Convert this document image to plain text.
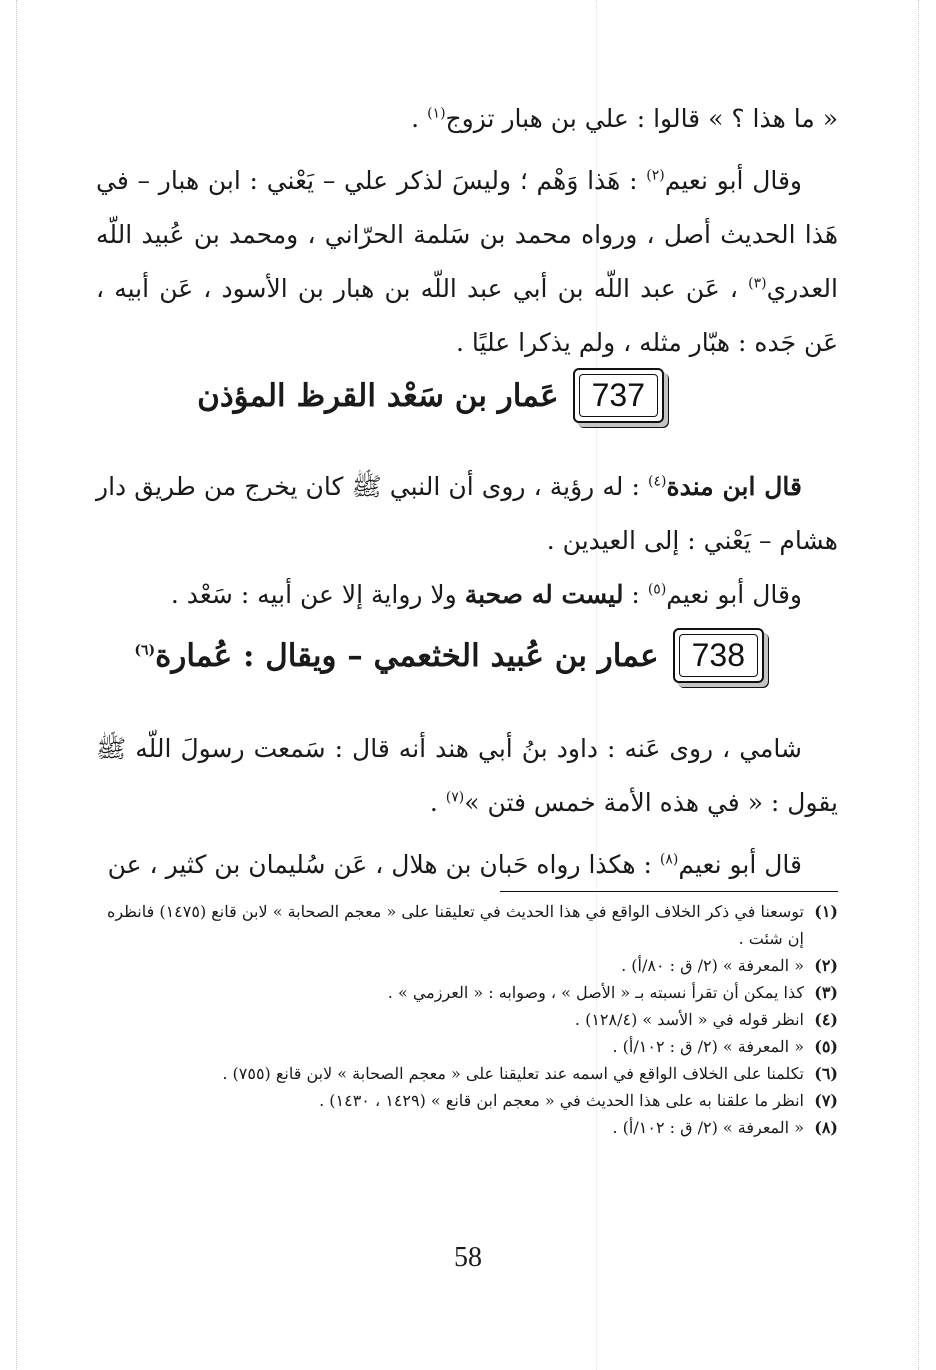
« ما هذا ؟ » قالوا : علي بن هبار تزوج$^{(١)}$ .

وقال أبو نعيم$^{(٢)}$ : هَذا وَهْم ؛ وليسَ لذكر علي – يَعْني : ابن هبار – في هَذا الحديث أصل ، ورواه محمد بن سَلمة الحرّاني ، ومحمد بن عُبيد اللّه العدري$^{(٣)}$ ، عَن عبد اللّه بن أبي عبد اللّه بن هبار بن الأسود ، عَن أبيه ، عَن جَده : هبّار مثله ، ولم يذكرا عليًا .

737
عَمار بن سَعْد القرظ المؤذن

قال ابن مندة$^{(٤)}$ : له رؤية ، روى أن النبي ﷺ كان يخرج من طريق دار هشام – يَعْني : إلى العيدين .

وقال أبو نعيم$^{(٥)}$ : ليست له صحبة ولا رواية إلا عن أبيه : سَعْد .

738
عمار بن عُبيد الخثعمي – ويقال : عُمارة$^{(٦)}$

شامي ، روى عَنه : داود بنُ أبي هند أنه قال : سَمعت رسولَ اللّه ﷺ يقول : « في هذه الأمة خمس فتن »$^{(٧)}$ .

قال أبو نعيم$^{(٨)}$ : هكذا رواه حَبان بن هلال ، عَن سُليمان بن كثير ، عن

(١)
توسعنا في ذكر الخلاف الواقع في هذا الحديث في تعليقنا على « معجم الصحابة » لابن قانع (١٤٧٥) فانظره إن شئت .
(٢)
« المعرفة » (٢/ ق : ٨٠/أ) .
(٣)
كذا يمكن أن تقرأ نسبته بـ « الأصل » ، وصوابه : « العرزمي » .
(٤)
انظر قوله في « الأسد » (١٢٨/٤) .
(٥)
« المعرفة » (٢/ ق : ١٠٢/أ) .
(٦)
تكلمنا على الخلاف الواقع في اسمه عند تعليقنا على « معجم الصحابة » لابن قانع (٧٥٥) .
(٧)
انظر ما علقنا به على هذا الحديث في « معجم ابن قانع » (١٤٢٩ ، ١٤٣٠) .
(٨)
« المعرفة » (٢/ ق : ١٠٢/أ) .
58
